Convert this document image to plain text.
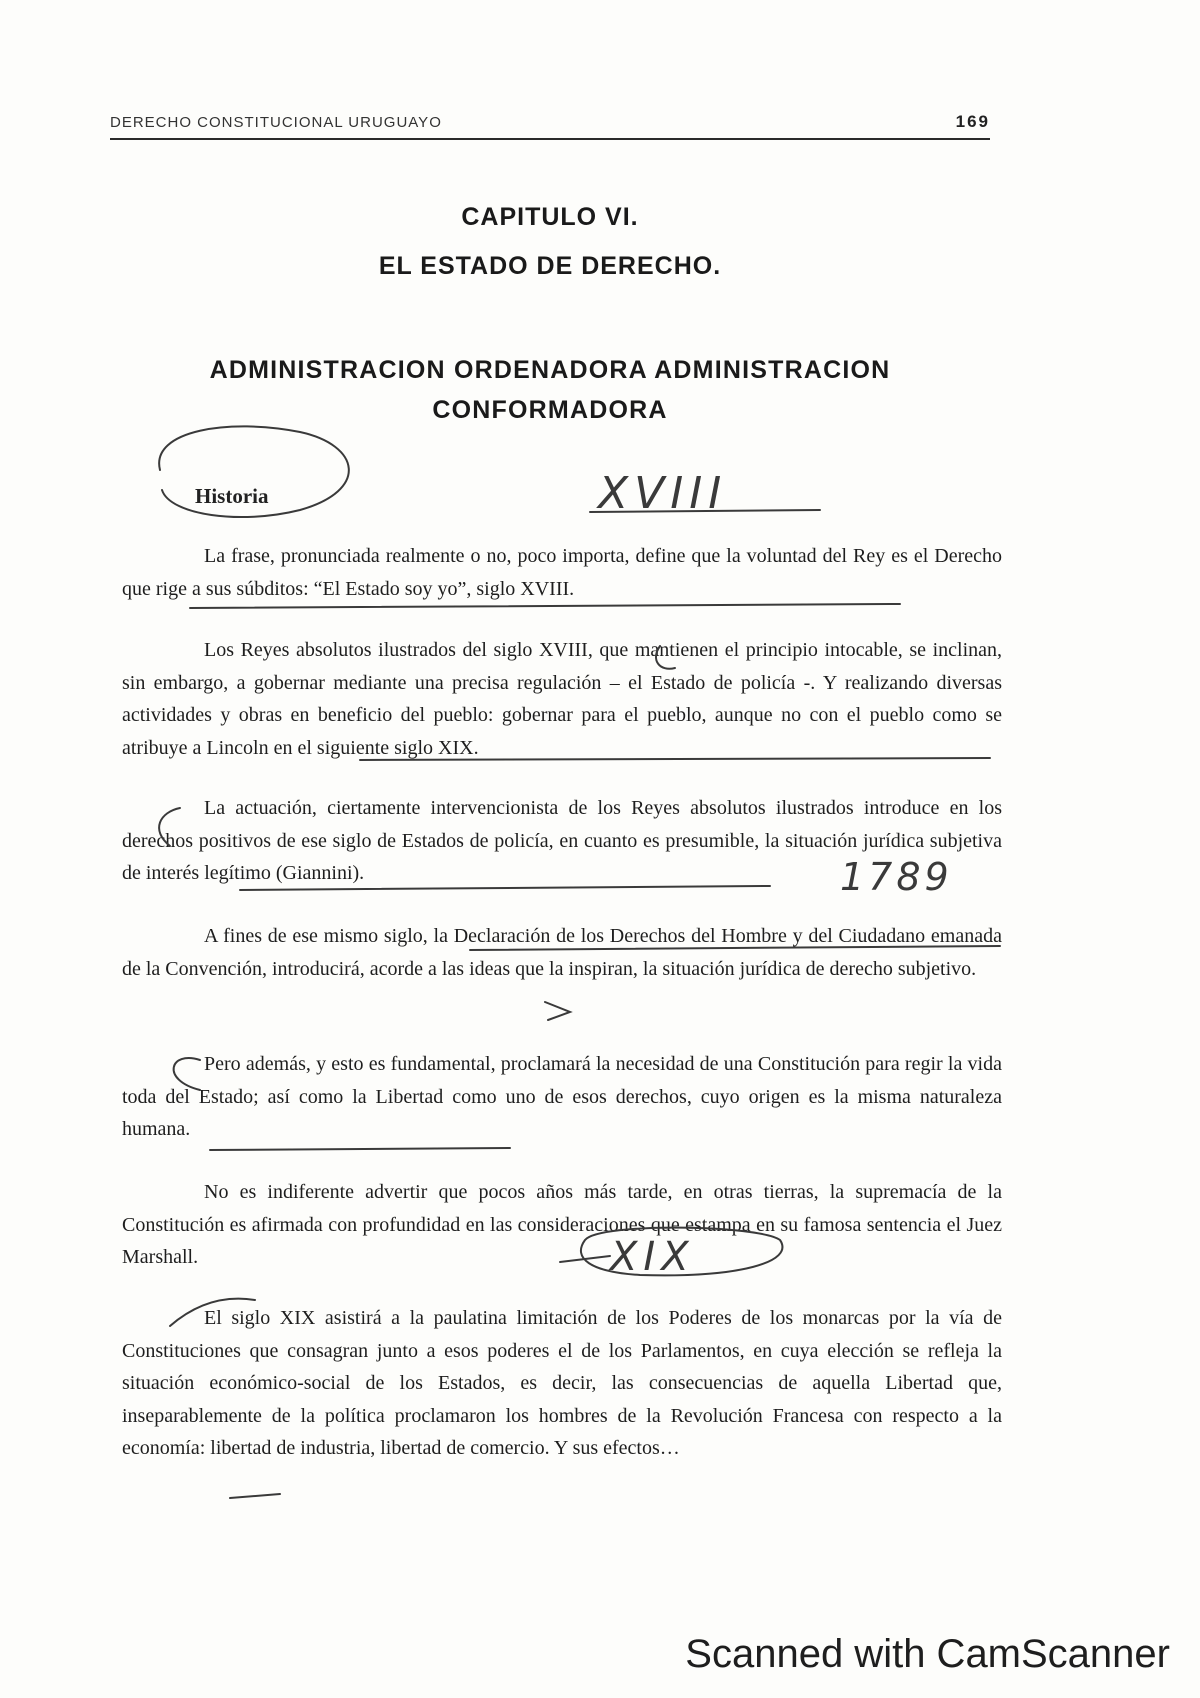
DERECHO CONSTITUCIONAL URUGUAYO	169
CAPITULO VI.
EL ESTADO DE DERECHO.
ADMINISTRACION ORDENADORA ADMINISTRACION CONFORMADORA
Historia

La frase, pronunciada realmente o no, poco importa, define que la voluntad del Rey es el Derecho que rige a sus súbditos: “El Estado soy yo”, siglo XVIII.

Los Reyes absolutos ilustrados del siglo XVIII, que mantienen el principio intocable, se inclinan, sin embargo, a gobernar mediante una precisa regulación – el Estado de policía -. Y realizando diversas actividades y obras en beneficio del pueblo: gobernar para el pueblo, aunque no con el pueblo como se atribuye a Lincoln en el siguiente siglo XIX.

La actuación, ciertamente intervencionista de los Reyes absolutos ilustrados introduce en los derechos positivos de ese siglo de Estados de policía, en cuanto es presumible, la situación jurídica subjetiva de interés legítimo (Giannini).

A fines de ese mismo siglo, la Declaración de los Derechos del Hombre y del Ciudadano emanada de la Convención, introducirá, acorde a las ideas que la inspiran, la situación jurídica de derecho subjetivo.

Pero además, y esto es fundamental, proclamará la necesidad de una Constitución para regir la vida toda del Estado; así como la Libertad como uno de esos derechos, cuyo origen es la misma naturaleza humana.

No es indiferente advertir que pocos años más tarde, en otras tierras, la supremacía de la Constitución es afirmada con profundidad en las consideraciones que estampa en su famosa sentencia el Juez Marshall.

El siglo XIX asistirá a la paulatina limitación de los Poderes de los monarcas por la vía de Constituciones que consagran junto a esos poderes el de los Parlamentos, en cuya elección se refleja la situación económico-social de los Estados, es decir, las consecuencias de aquella Libertad que, inseparablemente de la política proclamaron los hombres de la Revolución Francesa con respecto a la economía: libertad de industria, libertad de comercio. Y sus efectos…

XVIII
1789
XIX
Scanned with CamScanner
